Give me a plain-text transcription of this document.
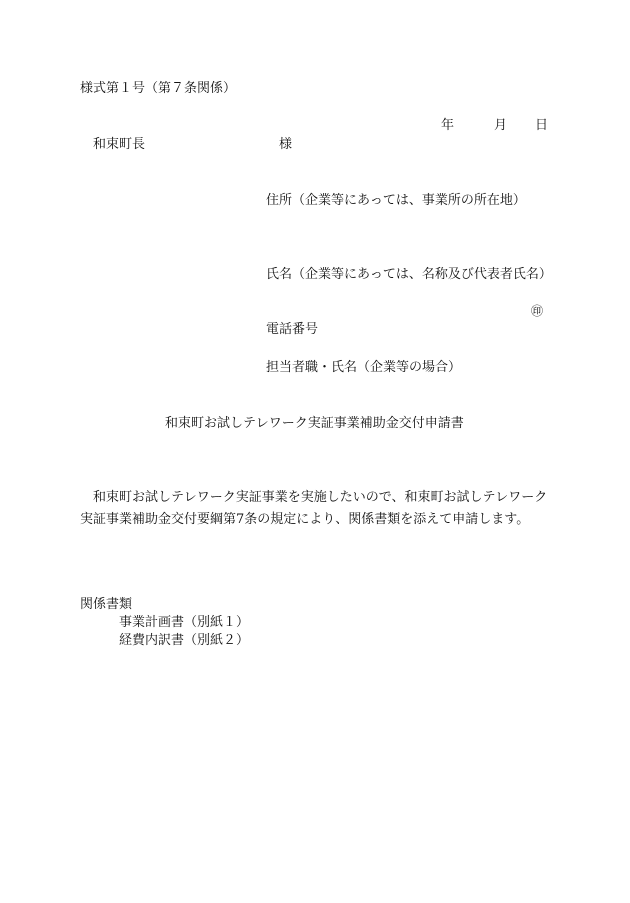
様式第１号（第７条関係）
年	月 日
和束町長	様
住所（企業等にあっては、事業所の所在地）
氏名（企業等にあっては、名称及び代表者氏名）
㊞
電話番号
担当者職・氏名（企業等の場合）
和束町お試しテレワーク実証事業補助金交付申請書
和束町お試しテレワーク実証事業を実施したいので、和束町お試しテレワーク
実証事業補助金交付要綱第7条の規定により、関係書類を添えて申請します。
関係書類
事業計画書（別紙１）
経費内訳書（別紙２）
